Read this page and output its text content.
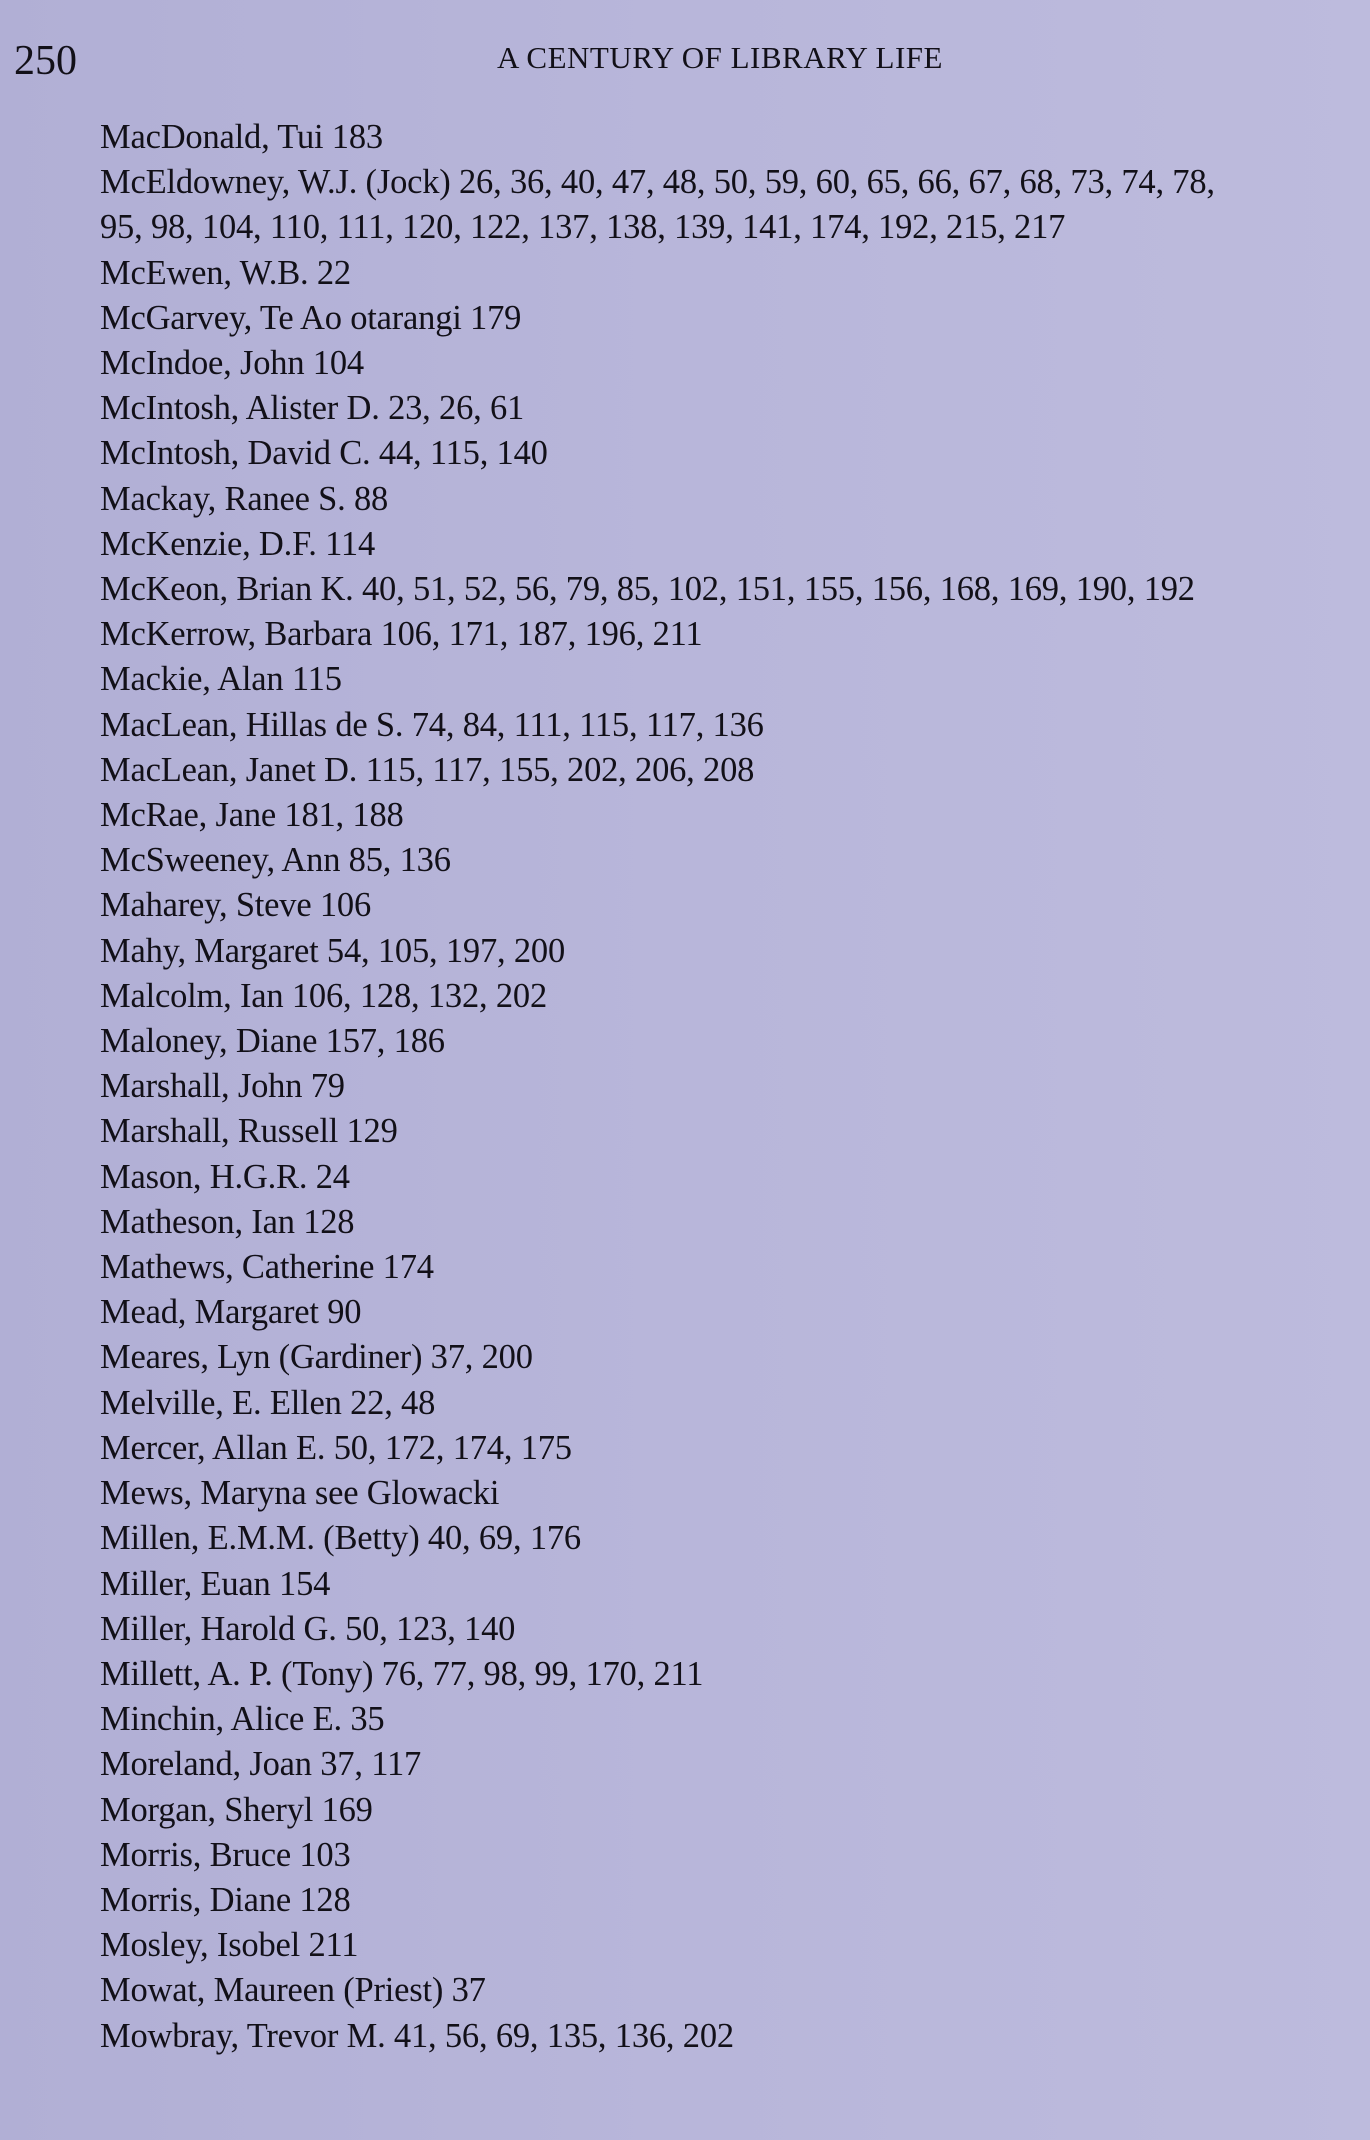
250	A CENTURY OF LIBRARY LIFE
MacDonald, Tui 183
McEldowney, W.J. (Jock) 26, 36, 40, 47, 48, 50, 59, 60, 65, 66, 67, 68, 73, 74, 78,
95, 98, 104, 110, 111, 120, 122, 137, 138, 139, 141, 174, 192, 215, 217
McEwen, W.B. 22
McGarvey, Te Ao otarangi 179
McIndoe, John 104
McIntosh, Alister D. 23, 26, 61
McIntosh, David C. 44, 115, 140
Mackay, Ranee S. 88
McKenzie, D.F. 114
McKeon, Brian K. 40, 51, 52, 56, 79, 85, 102, 151, 155, 156, 168, 169, 190, 192
McKerrow, Barbara 106, 171, 187, 196, 211
Mackie, Alan 115
MacLean, Hillas de S. 74, 84, 111, 115, 117, 136
MacLean, Janet D. 115, 117, 155, 202, 206, 208
McRae, Jane 181, 188
McSweeney, Ann 85, 136
Maharey, Steve 106
Mahy, Margaret 54, 105, 197, 200
Malcolm, Ian 106, 128, 132, 202
Maloney, Diane 157, 186
Marshall, John 79
Marshall, Russell 129
Mason, H.G.R. 24
Matheson, Ian 128
Mathews, Catherine 174
Mead, Margaret 90
Meares, Lyn (Gardiner) 37, 200
Melville, E. Ellen 22, 48
Mercer, Allan E. 50, 172, 174, 175
Mews, Maryna see Glowacki
Millen, E.M.M. (Betty) 40, 69, 176
Miller, Euan 154
Miller, Harold G. 50, 123, 140
Millett, A. P. (Tony) 76, 77, 98, 99, 170, 211
Minchin, Alice E. 35
Moreland, Joan 37, 117
Morgan, Sheryl 169
Morris, Bruce 103
Morris, Diane 128
Mosley, Isobel 211
Mowat, Maureen (Priest) 37
Mowbray, Trevor M. 41, 56, 69, 135, 136, 202
